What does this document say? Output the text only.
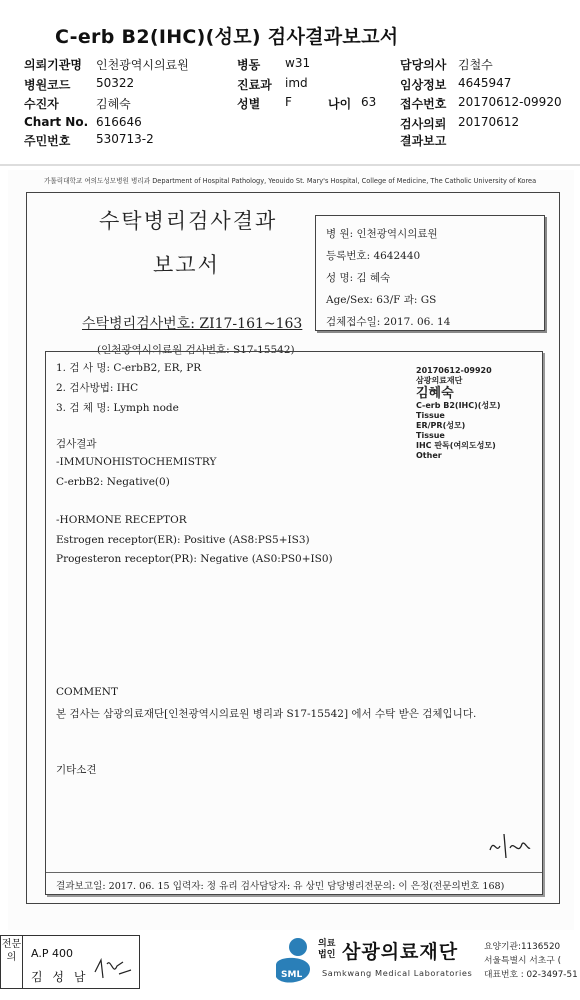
C-erb B2(IHC)(성모) 검사결과보고서
의뢰기관명 인천광역시의료원	병동 w31	담당의사 김철수
병원코드 50322	진료과 imd	임상정보 4645947
수진자	김혜숙	성별 F	나이 63 접수번호 20170612-09920
Chart No. 616646	검사의뢰 20170612
주민번호 530713-2	결과보고
가톨릭대학교 여의도성모병원 병리과 Department of Hospital Pathology, Yeouido St. Mary's Hospital, College of Medicine, The Catholic University of Korea
수탁병리검사결과
보고서
수탁병리검사번호: ZI17-161~163
(인천광역시의료원 검사번호: S17-15542)
병 원: 인천광역시의료원
등록번호: 4642440
성 명: 김 혜숙
Age/Sex: 63/F 과: GS
검체접수일: 2017. 06. 14
1. 검 사 명: C-erbB2, ER, PR
2. 검사방법: IHC
3. 검 체 명: Lymph node
20170612-09920
삼광의료재단
김혜숙
C-erb B2(IHC)(성모)
Tissue
ER/PR(성모)
Tissue
IHC 판독(여의도성모)
Other
검사결과
-IMMUNOHISTOCHEMISTRY
C-erbB2: Negative(0)
-HORMONE RECEPTOR
Estrogen receptor(ER): Positive (AS8:PS5+IS3)
Progesteron receptor(PR): Negative (AS0:PS0+IS0)
COMMENT
본 검사는 삼광의료재단[인천광역시의료원 병리과 S17-15542] 에서 수탁 받은 검체입니다.
기타소견
결과보고일: 2017. 06. 15 입력자: 정 유리 검사담당자: 유 상민 담당병리전문의: 이 은정(전문의번호 168)
전문의	A.P 400
김 성 남	SML
의료
법인 삼광의료재단
Samkwang Medical Laboratories
요양기관:1136520
서울특별시 서초구 (
대표번호 : 02-3497-51
